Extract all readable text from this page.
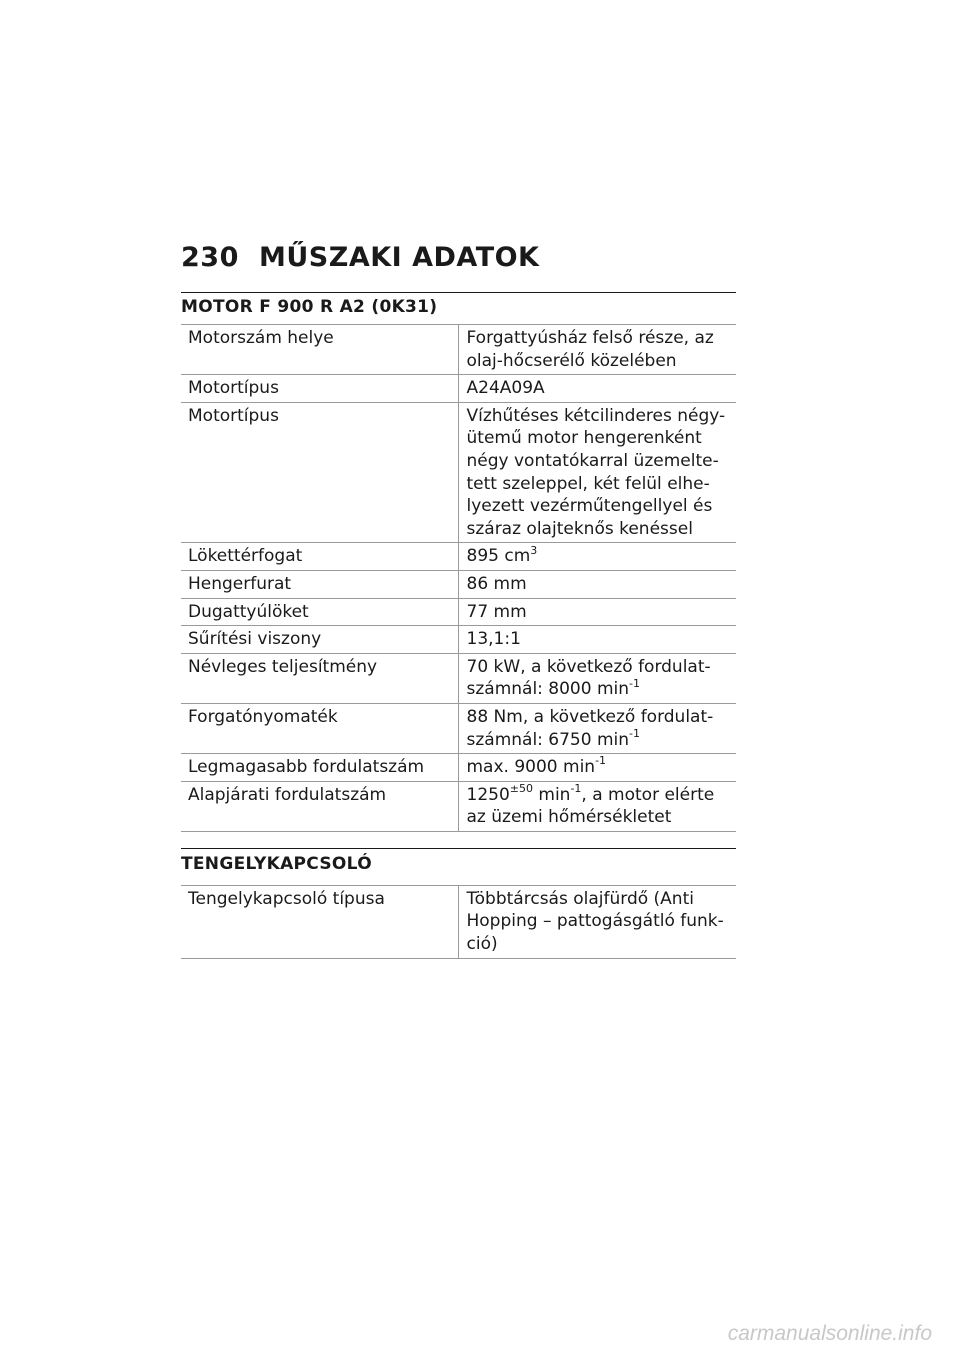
230 MŰSZAKI ADATOK
MOTOR F 900 R A2 (0K31)
Motorszám helye	Forgattyúsház felső része, az olaj-hőcserélő közelében
Motortípus	A24A09A
Motortípus	Vízhűtéses kétcilinderes négy-ütemű motor hengerenként négy vontatókarral üzemelte-tett szeleppel, két felül elhe-lyezett vezérműtengellyel és száraz olajteknős kenéssel
Lökettérfogat	895 $cm^3$
Hengerfurat	86 mm
Dugattyúlöket	77 mm
Sűrítési viszony	13,1:1
Névleges teljesítmény	70 kW, a következő fordulat-számnál: 8000 $\min^{-1}$
Forgatónyomaték	88 Nm, a következő fordulat-számnál: 6750 $\min^{-1}$
Legmagasabb fordulatszám	max. 9000 $\min^{-1}$
Alapjárati fordulatszám	$1250^{\pm 50}$ $\min^{-1}$, a motor elérte az üzemi hőmérsékletet
TENGELYKAPCSOLÓ
Tengelykapcsoló típusa	Többtárcsás olajfürdő (Anti Hopping – pattogásgátló funk-ció)
carmanualsonline.info
